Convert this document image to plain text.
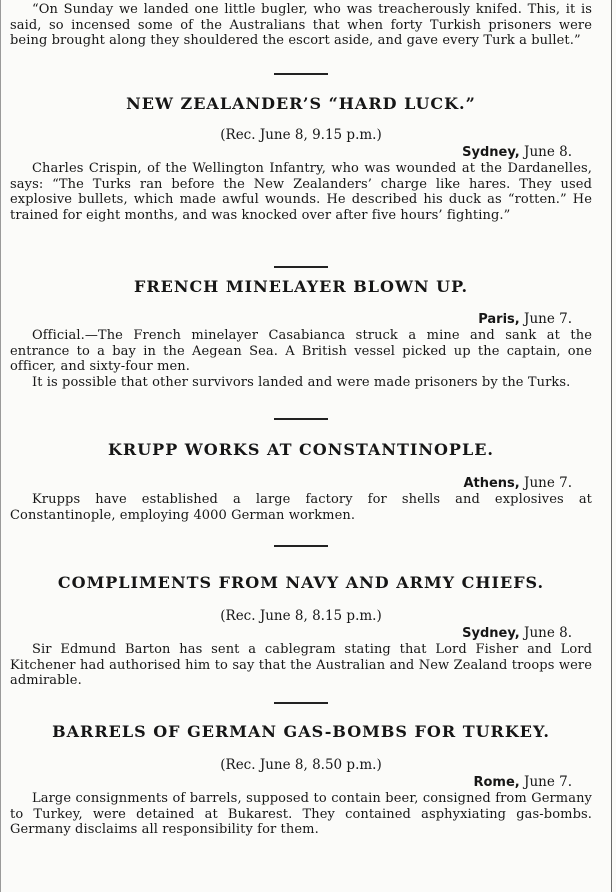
“On Sunday we landed one little bugler, who was treacherously knifed. This, it is said, so incensed some of the Australians that when forty Turkish prisoners were being brought along they shouldered the escort aside, and gave every Turk a bullet.”

NEW ZEALANDER’S “HARD LUCK.”
(Rec. June 8, 9.15 p.m.)
Sydney, June 8.

Charles Crispin, of the Wellington Infantry, who was wounded at the Dardanelles, says: “The Turks ran before the New Zealanders’ charge like hares. They used explosive bullets, which made awful wounds. He described his duck as “rotten.” He trained for eight months, and was knocked over after five hours’ fighting.”

FRENCH MINELAYER BLOWN UP.
Paris, June 7.

Official.—The French minelayer Casabianca struck a mine and sank at the entrance to a bay in the Aegean Sea. A British vessel picked up the captain, one officer, and sixty-four men.

It is possible that other survivors landed and were made prisoners by the Turks.

KRUPP WORKS AT CONSTANTINOPLE.
Athens, June 7.

Krupps have established a large factory for shells and explosives at Constantinople, employing 4000 German workmen.

COMPLIMENTS FROM NAVY AND ARMY CHIEFS.
(Rec. June 8, 8.15 p.m.)
Sydney, June 8.

Sir Edmund Barton has sent a cablegram stating that Lord Fisher and Lord Kitchener had authorised him to say that the Australian and New Zealand troops were admirable.

BARRELS OF GERMAN GAS-BOMBS FOR TURKEY.
(Rec. June 8, 8.50 p.m.)
Rome, June 7.

Large consignments of barrels, supposed to contain beer, consigned from Germany to Turkey, were detained at Bukarest. They contained asphyxiating gas-bombs. Germany disclaims all responsibility for them.
